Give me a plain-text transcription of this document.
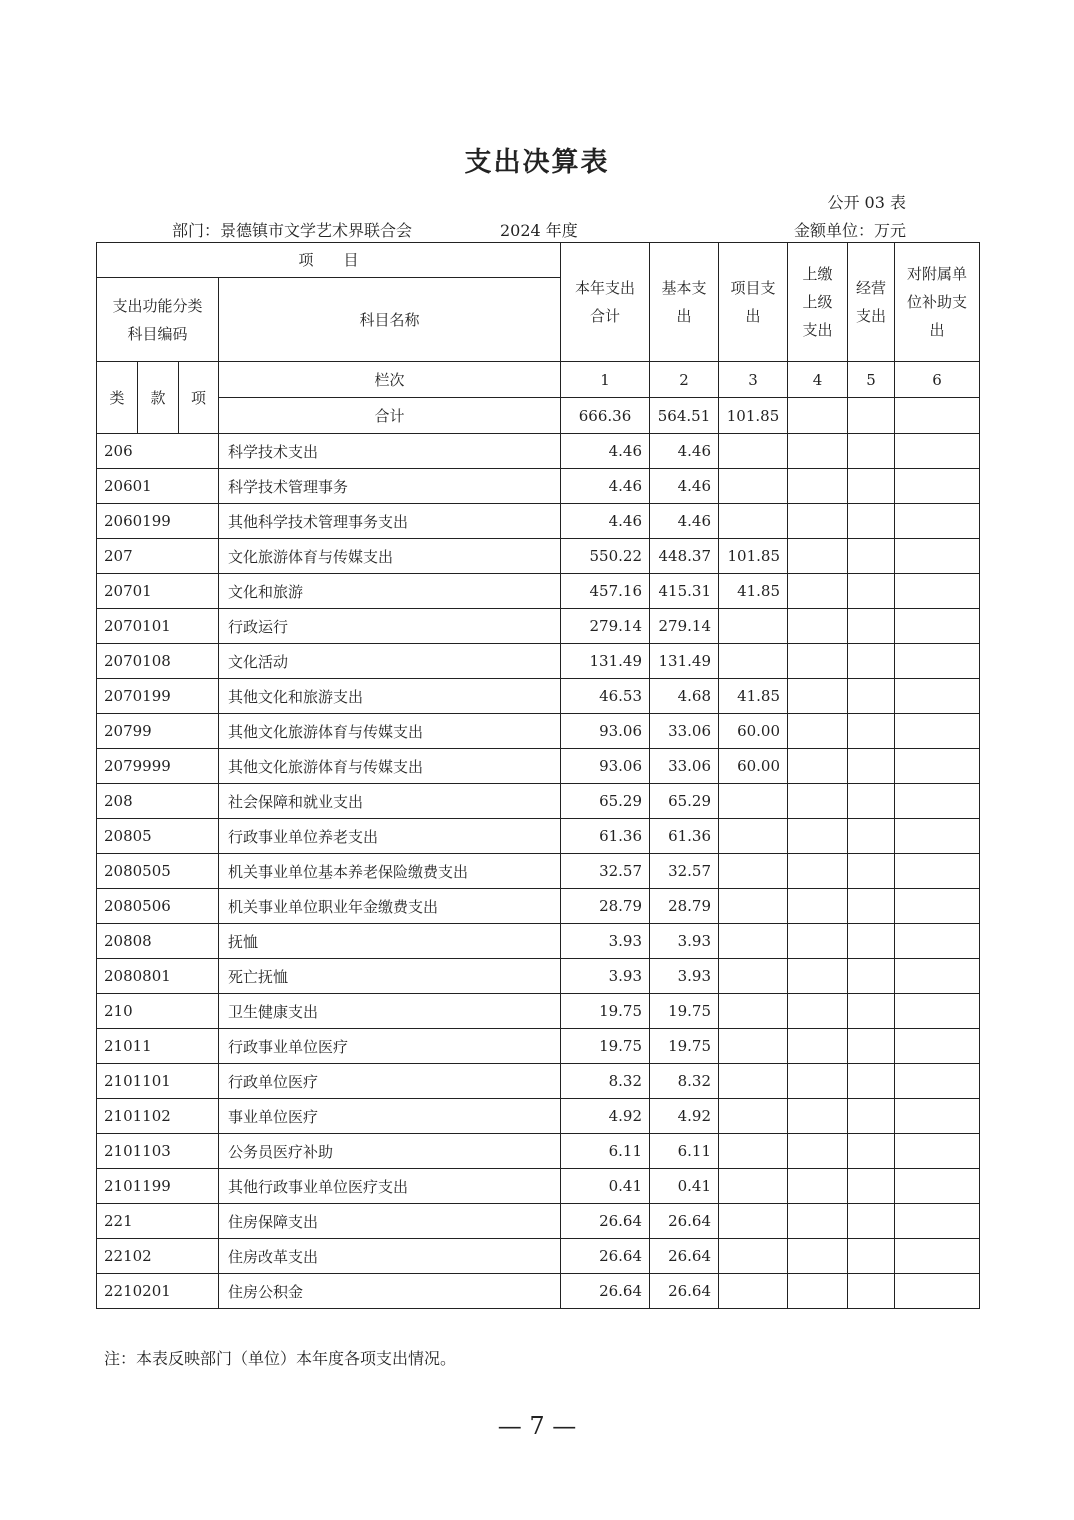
支出决算表
公开 03 表
部门：景德镇市文学艺术界联合会	2024 年度	金额单位：万元
项　　目				本年支出合计	基本支出	项目支出	上缴上级支出	经营支出	对附属单位补助支出
支出功能分类科目编码			科目名称						
类	款	项	栏次	1	2	3	4	5	6
			合计	666.36	564.51	101.85			
206			科学技术支出	4.46	4.46				
20601			科学技术管理事务	4.46	4.46				
2060199			其他科学技术管理事务支出	4.46	4.46				
207			文化旅游体育与传媒支出	550.22	448.37	101.85			
20701			文化和旅游	457.16	415.31	41.85			
2070101			行政运行	279.14	279.14				
2070108			文化活动	131.49	131.49				
2070199			其他文化和旅游支出	46.53	4.68	41.85			
20799			其他文化旅游体育与传媒支出	93.06	33.06	60.00			
2079999			其他文化旅游体育与传媒支出	93.06	33.06	60.00			
208			社会保障和就业支出	65.29	65.29				
20805			行政事业单位养老支出	61.36	61.36				
2080505			机关事业单位基本养老保险缴费支出	32.57	32.57				
2080506			机关事业单位职业年金缴费支出	28.79	28.79				
20808			抚恤	3.93	3.93				
2080801			死亡抚恤	3.93	3.93				
210			卫生健康支出	19.75	19.75				
21011			行政事业单位医疗	19.75	19.75				
2101101			行政单位医疗	8.32	8.32				
2101102			事业单位医疗	4.92	4.92				
2101103			公务员医疗补助	6.11	6.11				
2101199			其他行政事业单位医疗支出	0.41	0.41				
221			住房保障支出	26.64	26.64				
22102			住房改革支出	26.64	26.64				
2210201			住房公积金	26.64	26.64				
注：本表反映部门（单位）本年度各项支出情况。
— 7 —
